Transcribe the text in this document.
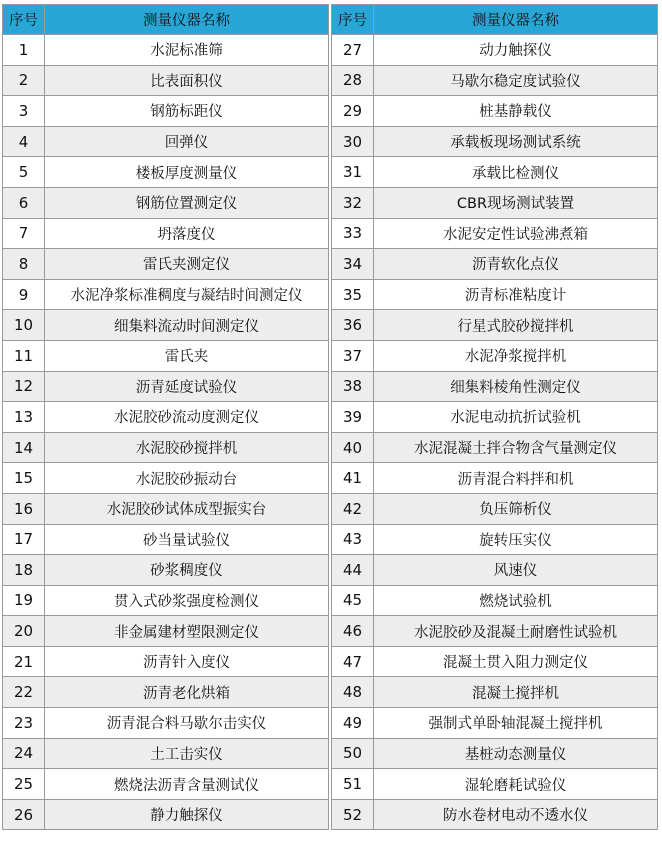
序号	测量仪器名称		序号	测量仪器名称
1	水泥标准筛		27	动力触探仪
2	比表面积仪		28	马歇尔稳定度试验仪
3	钢筋标距仪		29	桩基静载仪
4	回弹仪		30	承载板现场测试系统
5	楼板厚度测量仪		31	承载比检测仪
6	钢筋位置测定仪		32	CBR现场测试装置
7	坍落度仪		33	水泥安定性试验沸煮箱
8	雷氏夹测定仪		34	沥青软化点仪
9	水泥净浆标准稠度与凝结时间测定仪		35	沥青标准粘度计
10	细集料流动时间测定仪		36	行星式胶砂搅拌机
11	雷氏夹		37	水泥净浆搅拌机
12	沥青延度试验仪		38	细集料棱角性测定仪
13	水泥胶砂流动度测定仪		39	水泥电动抗折试验机
14	水泥胶砂搅拌机		40	水泥混凝土拌合物含气量测定仪
15	水泥胶砂振动台		41	沥青混合料拌和机
16	水泥胶砂试体成型振实台		42	负压筛析仪
17	砂当量试验仪		43	旋转压实仪
18	砂浆稠度仪		44	风速仪
19	贯入式砂浆强度检测仪		45	燃烧试验机
20	非金属建材塑限测定仪		46	水泥胶砂及混凝土耐磨性试验机
21	沥青针入度仪		47	混凝土贯入阻力测定仪
22	沥青老化烘箱		48	混凝土搅拌机
23	沥青混合料马歇尔击实仪		49	强制式单卧轴混凝土搅拌机
24	土工击实仪		50	基桩动态测量仪
25	燃烧法沥青含量测试仪		51	湿轮磨耗试验仪
26	静力触探仪		52	防水卷材电动不透水仪
